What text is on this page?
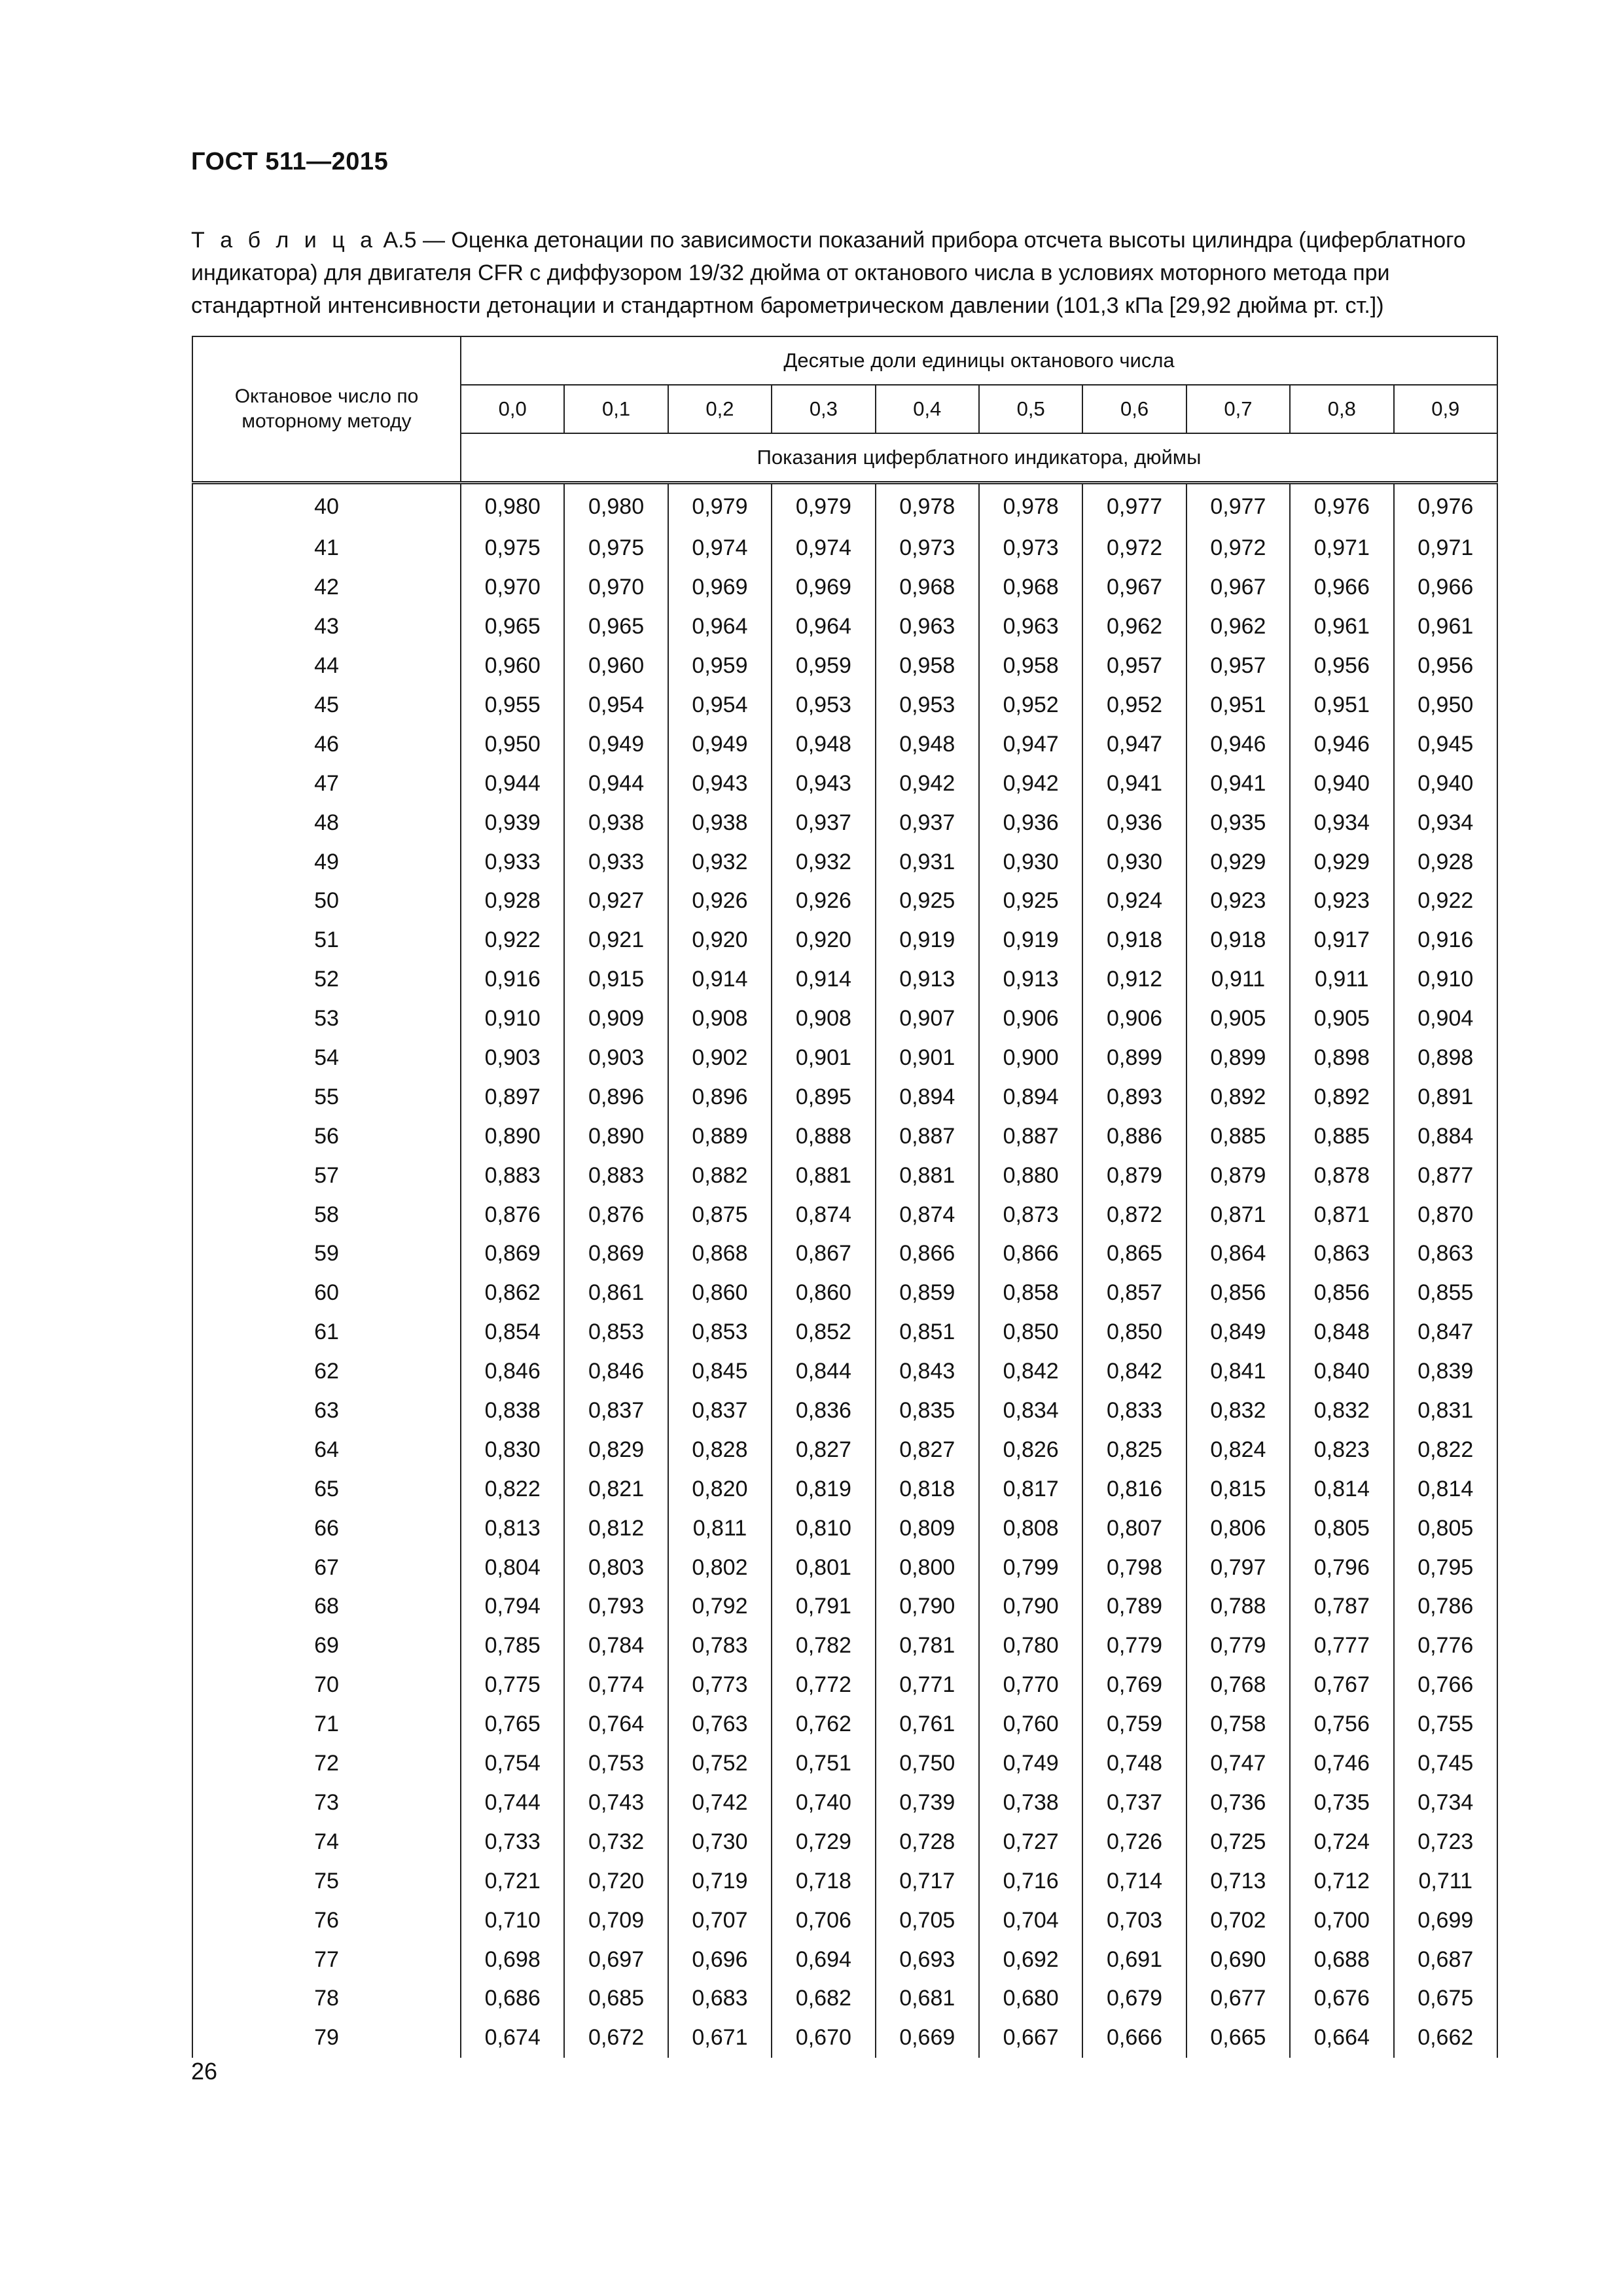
ГОСТ 511—2015
Т а б л и ц а А.5 — Оценка детонации по зависимости показаний прибора отсчета высоты цилиндра (циферблатного индикатора) для двигателя CFR с диффузором 19/32 дюйма от октанового числа в условиях моторного метода при стандартной интенсивности детонации и стандартном барометрическом давлении (101,3 кПа [29,92 дюйма рт. ст.])
Октановое число по моторному методу	Десятые доли единицы октанового числа									
	0,0	0,1	0,2	0,3	0,4	0,5	0,6	0,7	0,8	0,9
	Показания циферблатного индикатора, дюймы									
40	0,980	0,980	0,979	0,979	0,978	0,978	0,977	0,977	0,976	0,976
41	0,975	0,975	0,974	0,974	0,973	0,973	0,972	0,972	0,971	0,971
42	0,970	0,970	0,969	0,969	0,968	0,968	0,967	0,967	0,966	0,966
43	0,965	0,965	0,964	0,964	0,963	0,963	0,962	0,962	0,961	0,961
44	0,960	0,960	0,959	0,959	0,958	0,958	0,957	0,957	0,956	0,956
45	0,955	0,954	0,954	0,953	0,953	0,952	0,952	0,951	0,951	0,950
46	0,950	0,949	0,949	0,948	0,948	0,947	0,947	0,946	0,946	0,945
47	0,944	0,944	0,943	0,943	0,942	0,942	0,941	0,941	0,940	0,940
48	0,939	0,938	0,938	0,937	0,937	0,936	0,936	0,935	0,934	0,934
49	0,933	0,933	0,932	0,932	0,931	0,930	0,930	0,929	0,929	0,928
50	0,928	0,927	0,926	0,926	0,925	0,925	0,924	0,923	0,923	0,922
51	0,922	0,921	0,920	0,920	0,919	0,919	0,918	0,918	0,917	0,916
52	0,916	0,915	0,914	0,914	0,913	0,913	0,912	0,911	0,911	0,910
53	0,910	0,909	0,908	0,908	0,907	0,906	0,906	0,905	0,905	0,904
54	0,903	0,903	0,902	0,901	0,901	0,900	0,899	0,899	0,898	0,898
55	0,897	0,896	0,896	0,895	0,894	0,894	0,893	0,892	0,892	0,891
56	0,890	0,890	0,889	0,888	0,887	0,887	0,886	0,885	0,885	0,884
57	0,883	0,883	0,882	0,881	0,881	0,880	0,879	0,879	0,878	0,877
58	0,876	0,876	0,875	0,874	0,874	0,873	0,872	0,871	0,871	0,870
59	0,869	0,869	0,868	0,867	0,866	0,866	0,865	0,864	0,863	0,863
60	0,862	0,861	0,860	0,860	0,859	0,858	0,857	0,856	0,856	0,855
61	0,854	0,853	0,853	0,852	0,851	0,850	0,850	0,849	0,848	0,847
62	0,846	0,846	0,845	0,844	0,843	0,842	0,842	0,841	0,840	0,839
63	0,838	0,837	0,837	0,836	0,835	0,834	0,833	0,832	0,832	0,831
64	0,830	0,829	0,828	0,827	0,827	0,826	0,825	0,824	0,823	0,822
65	0,822	0,821	0,820	0,819	0,818	0,817	0,816	0,815	0,814	0,814
66	0,813	0,812	0,811	0,810	0,809	0,808	0,807	0,806	0,805	0,805
67	0,804	0,803	0,802	0,801	0,800	0,799	0,798	0,797	0,796	0,795
68	0,794	0,793	0,792	0,791	0,790	0,790	0,789	0,788	0,787	0,786
69	0,785	0,784	0,783	0,782	0,781	0,780	0,779	0,779	0,777	0,776
70	0,775	0,774	0,773	0,772	0,771	0,770	0,769	0,768	0,767	0,766
71	0,765	0,764	0,763	0,762	0,761	0,760	0,759	0,758	0,756	0,755
72	0,754	0,753	0,752	0,751	0,750	0,749	0,748	0,747	0,746	0,745
73	0,744	0,743	0,742	0,740	0,739	0,738	0,737	0,736	0,735	0,734
74	0,733	0,732	0,730	0,729	0,728	0,727	0,726	0,725	0,724	0,723
75	0,721	0,720	0,719	0,718	0,717	0,716	0,714	0,713	0,712	0,711
76	0,710	0,709	0,707	0,706	0,705	0,704	0,703	0,702	0,700	0,699
77	0,698	0,697	0,696	0,694	0,693	0,692	0,691	0,690	0,688	0,687
78	0,686	0,685	0,683	0,682	0,681	0,680	0,679	0,677	0,676	0,675
79	0,674	0,672	0,671	0,670	0,669	0,667	0,666	0,665	0,664	0,662
26
